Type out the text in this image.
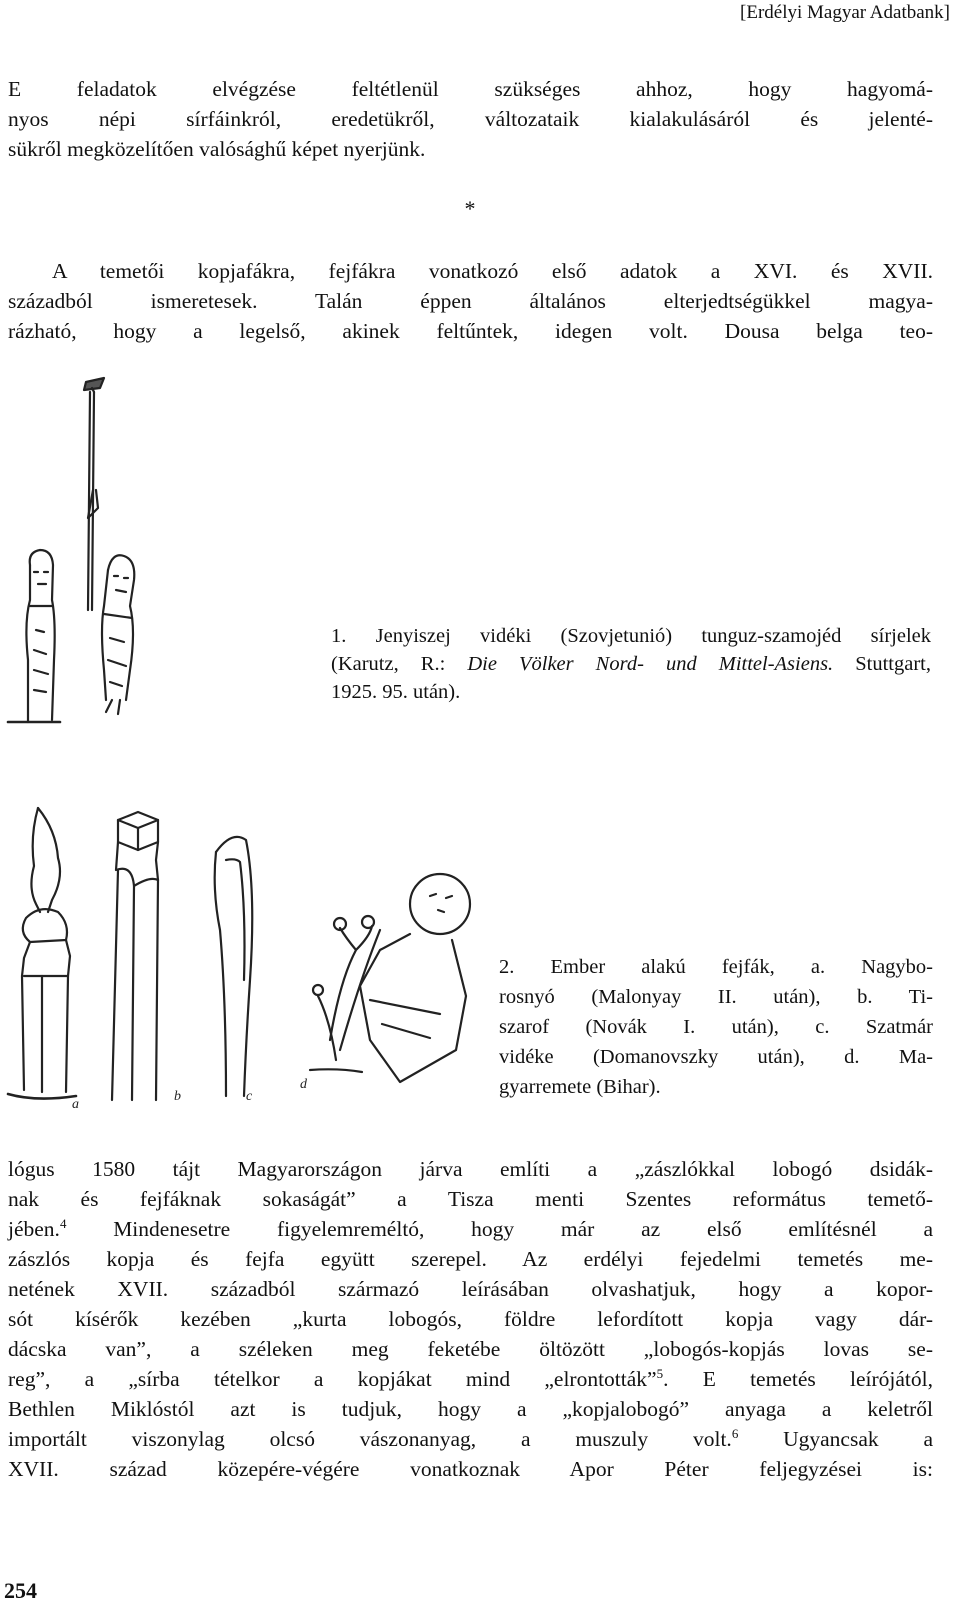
[Erdélyi Magyar Adatbank]
E feladatok elvégzése feltétlenül szükséges ahhoz, hogy hagyomá-
nyos népi sírfáinkról, eredetükről, változataik kialakulásáról és jelenté-
sükről megközelítően valósághű képet nyerjünk.
*
A temetői kopjafákra, fejfákra vonatkozó első adatok a XVI. és XVII.
századból ismeretesek. Talán éppen általános elterjedtségükkel magya-
rázható, hogy a legelső, akinek feltűntek, idegen volt. Dousa belga teo-
1. Jenyiszej vidéki (Szovjetunió) tunguz-szamojéd sírjelek
(Karutz, R.: Die Völker Nord- und Mittel-Asiens. Stuttgart,
1925. 95. után).
a
b	c
d
2. Ember alakú fejfák, a. Nagybo-
rosnyó (Malonyay II. után), b. Ti-
szarof (Novák I. után), c. Szatmár
vidéke (Domanovszky után), d. Ma-
gyarremete (Bihar).
lógus 1580 tájt Magyarországon járva említi a „zászlókkal lobogó dsidák-
nak és fejfáknak sokaságát” a Tisza menti Szentes református temető-
jében.$^4$ Mindenesetre figyelemreméltó, hogy már az első említésnél a
zászlós kopja és fejfa együtt szerepel. Az erdélyi fejedelmi temetés me-
netének XVII. századból származó leírásában olvashatjuk, hogy a kopor-
sót kísérők kezében „kurta lobogós, földre lefordított kopja vagy dár-
dácska van”, a széleken meg feketébe öltözött „lobogós-kopjás lovas se-
reg”, a „sírba tételkor a kopjákat mind „elrontották”$^5$. E temetés leírójától,
Bethlen Miklóstól azt is tudjuk, hogy a „kopjalobogó” anyaga a keletről
importált viszonylag olcsó vászonanyag, a muszuly volt.$^6$ Ugyancsak a
XVII. század közepére-végére vonatkoznak Apor Péter feljegyzései is:
254
